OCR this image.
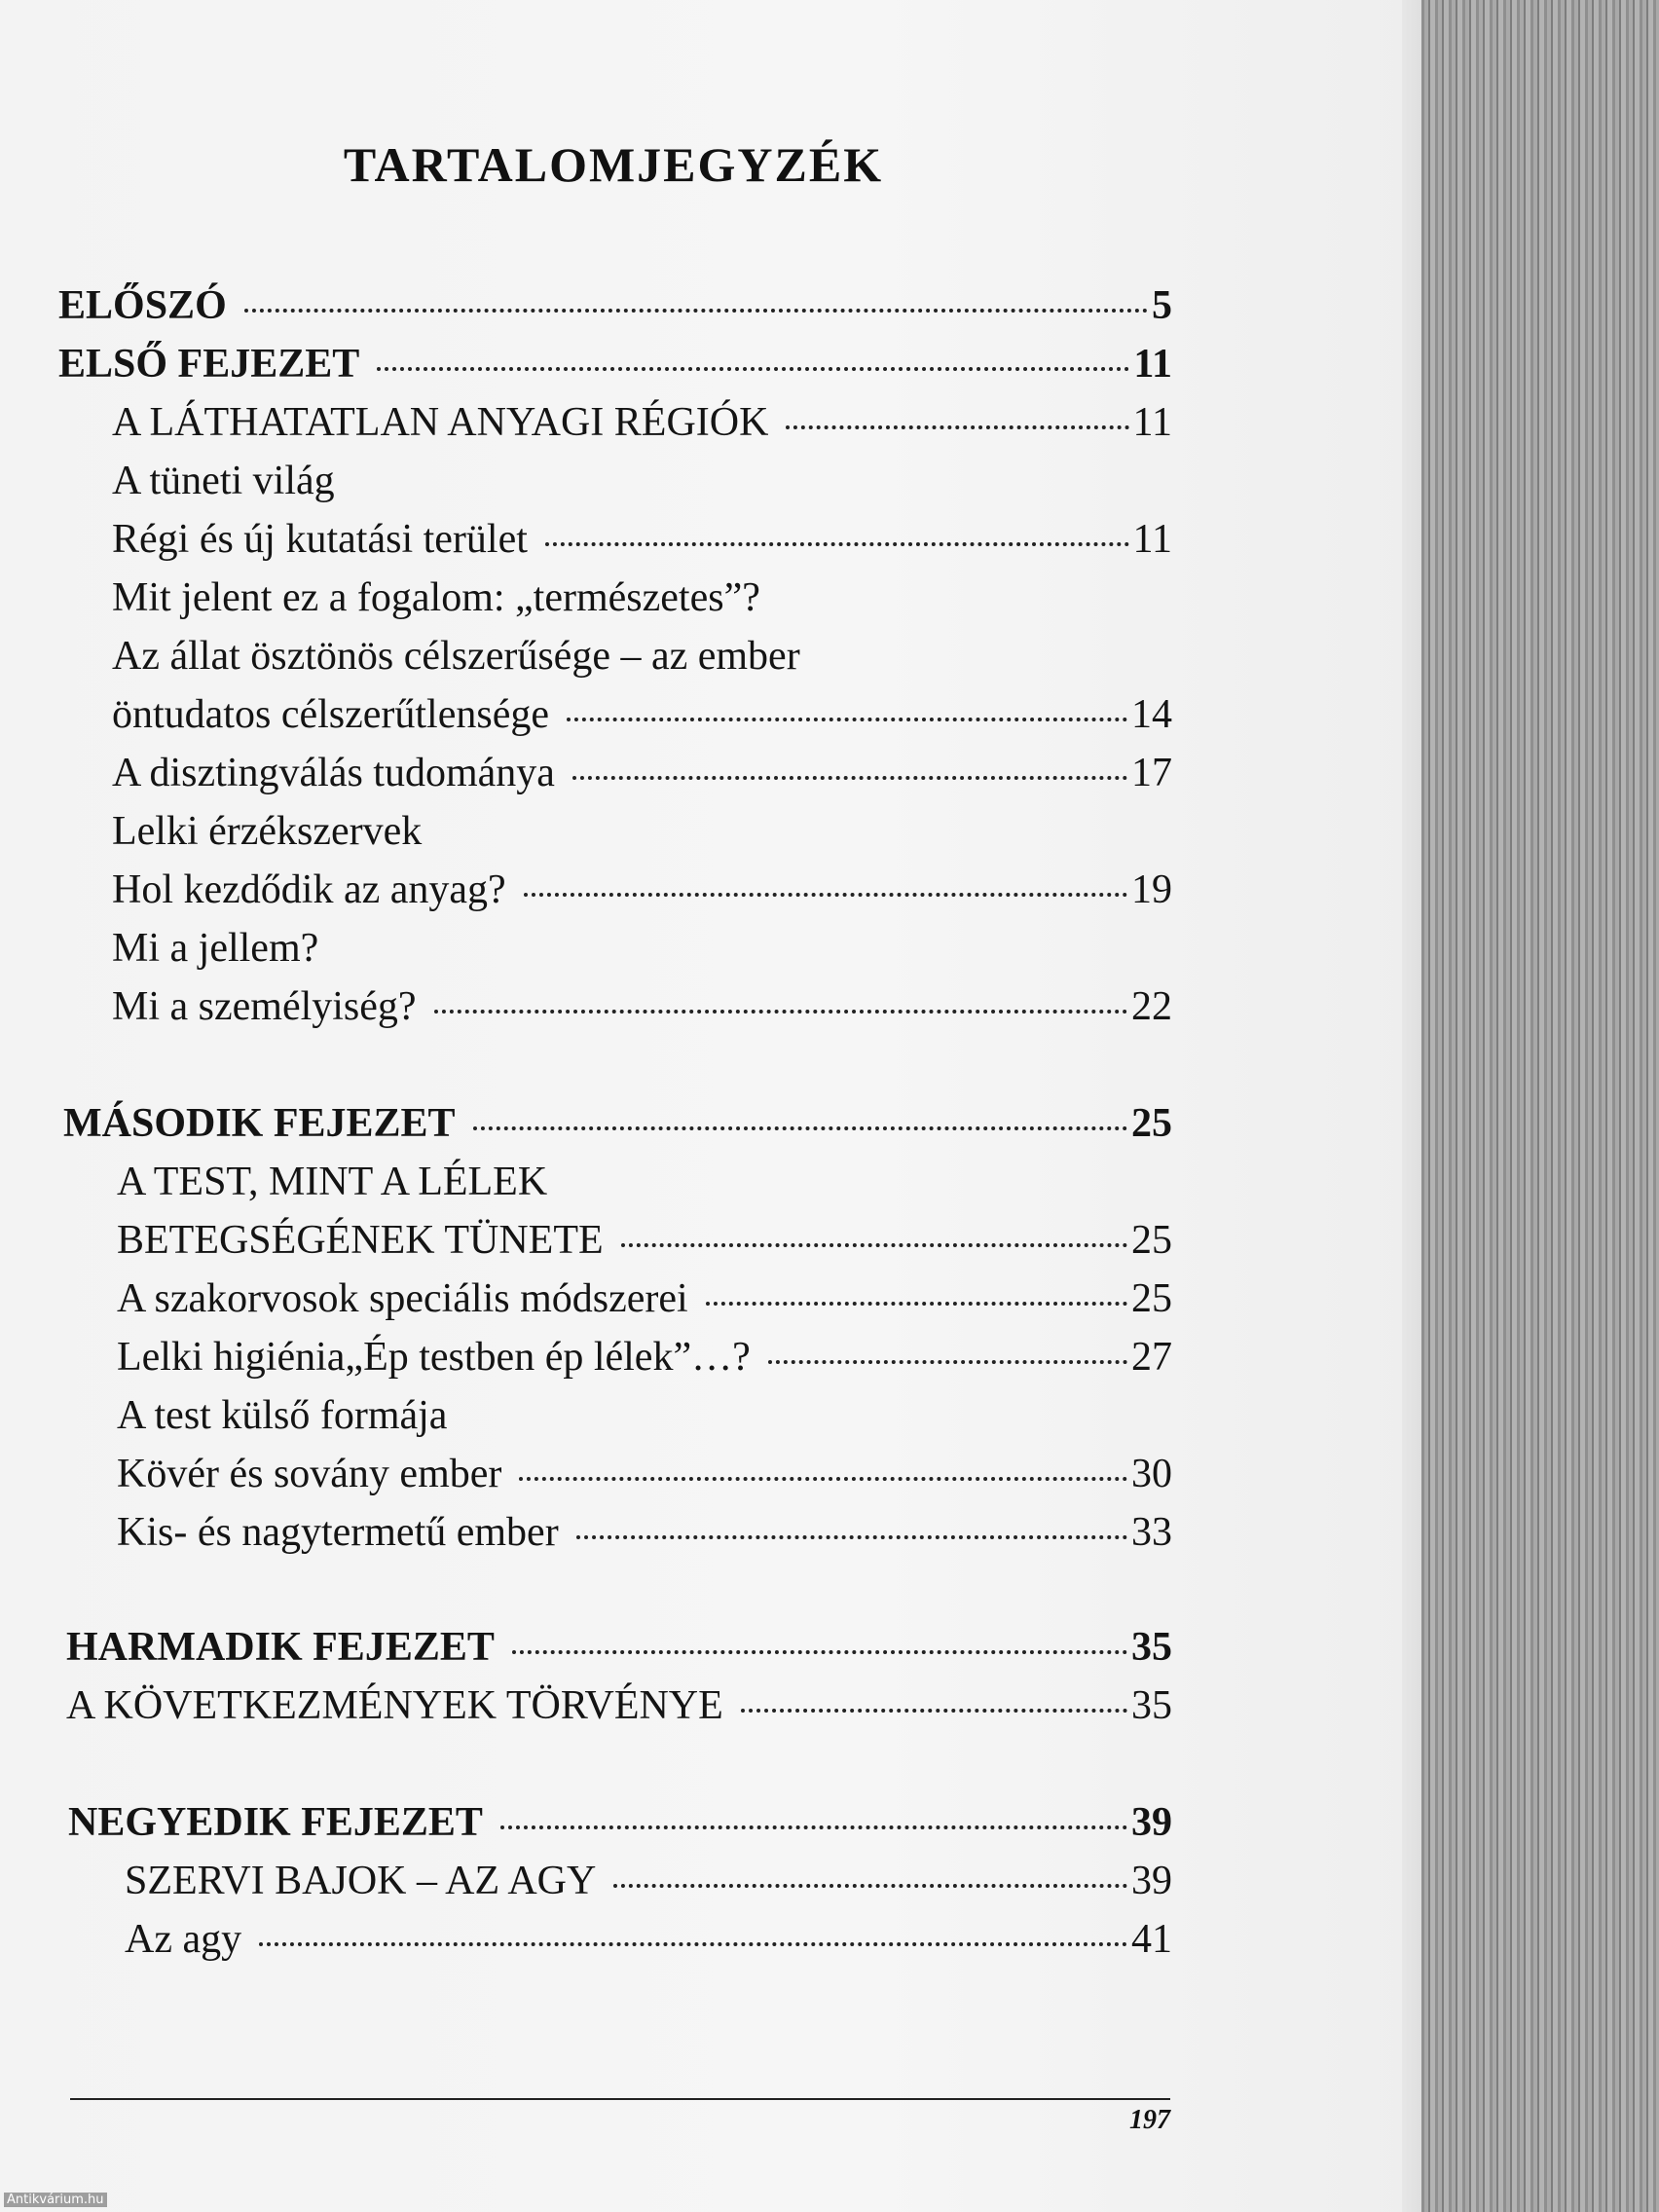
TARTALOMJEGYZÉK
ELŐSZÓ	5
ELSŐ FEJEZET	11
A LÁTHATATLAN ANYAGI RÉGIÓK	11
A tüneti világ
Régi és új kutatási terület	11
Mit jelent ez a fogalom: „természetes”?
Az állat ösztönös célszerűsége – az ember
öntudatos célszerűtlensége	14
A disztingválás tudománya	17
Lelki érzékszervek
Hol kezdődik az anyag?	19
Mi a jellem?
Mi a személyiség?	22
MÁSODIK FEJEZET	25
A TEST, MINT A LÉLEK
BETEGSÉGÉNEK TÜNETE	25
A szakorvosok speciális módszerei	25
Lelki higiénia„Ép testben ép lélek”…?	27
A test külső formája
Kövér és sovány ember	30
Kis- és nagytermetű ember	33
HARMADIK FEJEZET	35
A KÖVETKEZMÉNYEK TÖRVÉNYE	35
NEGYEDIK FEJEZET	39
SZERVI BAJOK – AZ AGY	39
Az agy	41
197
Antikvárium.hu
